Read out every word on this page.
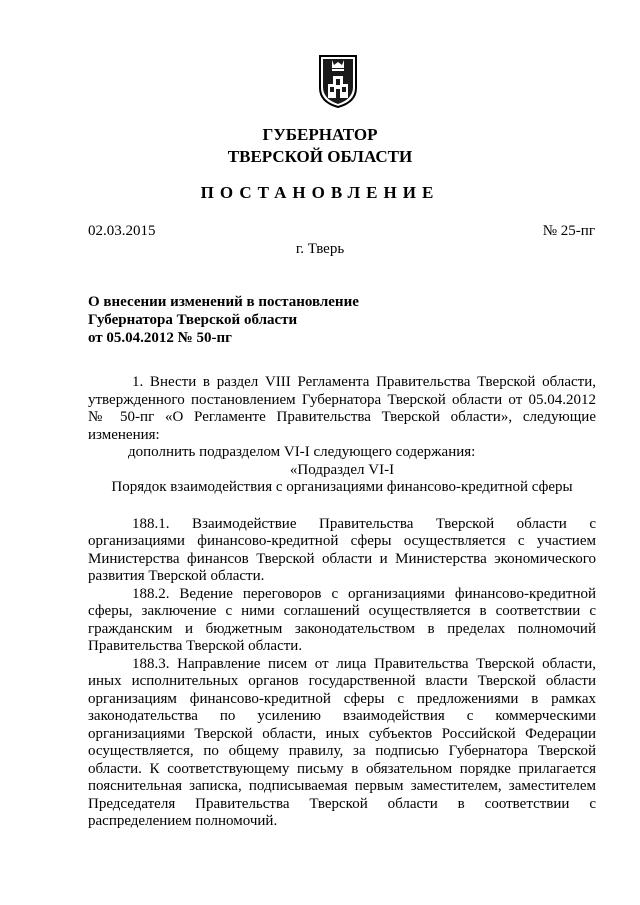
ГУБЕРНАТОР
ТВЕРСКОЙ ОБЛАСТИ
ПОСТАНОВЛЕНИЕ
02.03.2015	№ 25-пг
г. Тверь
О внесении изменений в постановление
Губернатора Тверской области
от 05.04.2012 № 50-пг

1. Внести в раздел VIII Регламента Правительства Тверской области, утвержденного постановлением Губернатора Тверской области от 05.04.2012 № 50-пг «О Регламенте Правительства Тверской области», следующие изменения:

дополнить подразделом VI-I следующего содержания:

«Подраздел VI-I
Порядок взаимодействия с организациями финансово-кредитной сферы

188.1. Взаимодействие Правительства Тверской области с организациями финансово-кредитной сферы осуществляется с участием Министерства финансов Тверской области и Министерства экономического развития Тверской области.

188.2. Ведение переговоров с организациями финансово-кредитной сферы, заключение с ними соглашений осуществляется в соответствии с гражданским и бюджетным законодательством в пределах полномочий Правительства Тверской области.

188.3. Направление писем от лица Правительства Тверской области, иных исполнительных органов государственной власти Тверской области организациям финансово-кредитной сферы с предложениями в рамках законодательства по усилению взаимодействия с коммерческими организациями Тверской области, иных субъектов Российской Федерации осуществляется, по общему правилу, за подписью Губернатора Тверской области. К соответствующему письму в обязательном порядке прилагается пояснительная записка, подписываемая первым заместителем, заместителем Председателя Правительства Тверской области в соответствии с распределением полномочий.
